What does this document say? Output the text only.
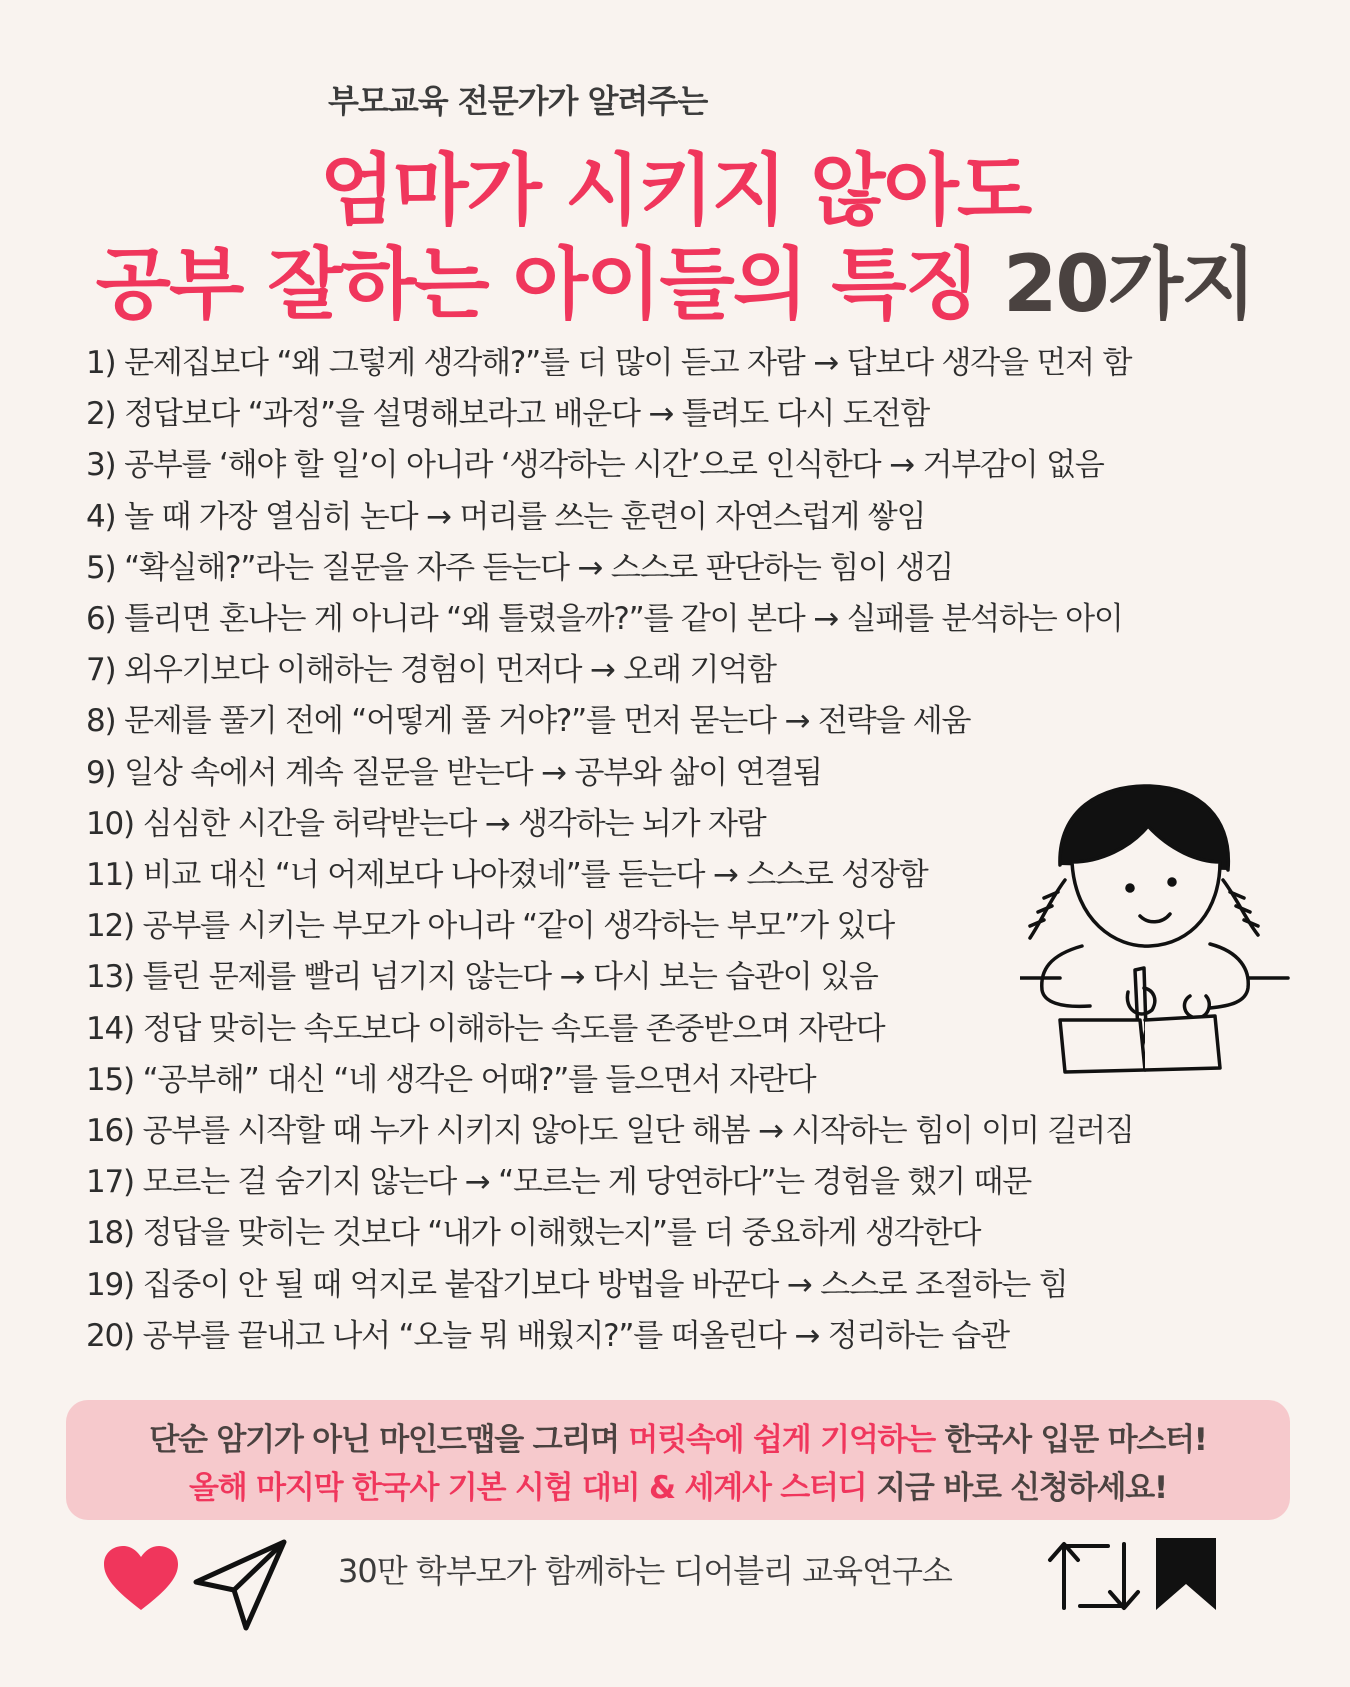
부모교육 전문가가 알려주는
엄마가 시키지 않아도
공부 잘하는 아이들의 특징 20가지
1) 문제집보다 “왜 그렇게 생각해?”를 더 많이 듣고 자람 → 답보다 생각을 먼저 함
2) 정답보다 “과정”을 설명해보라고 배운다 → 틀려도 다시 도전함
3) 공부를 ‘해야 할 일’이 아니라 ‘생각하는 시간’으로 인식한다 → 거부감이 없음
4) 놀 때 가장 열심히 논다 → 머리를 쓰는 훈련이 자연스럽게 쌓임
5) “확실해?”라는 질문을 자주 듣는다 → 스스로 판단하는 힘이 생김
6) 틀리면 혼나는 게 아니라 “왜 틀렸을까?”를 같이 본다 → 실패를 분석하는 아이
7) 외우기보다 이해하는 경험이 먼저다 → 오래 기억함
8) 문제를 풀기 전에 “어떻게 풀 거야?”를 먼저 묻는다 → 전략을 세움
9) 일상 속에서 계속 질문을 받는다 → 공부와 삶이 연결됨
10) 심심한 시간을 허락받는다 → 생각하는 뇌가 자람
11) 비교 대신 “너 어제보다 나아졌네”를 듣는다 → 스스로 성장함
12) 공부를 시키는 부모가 아니라 “같이 생각하는 부모”가 있다
13) 틀린 문제를 빨리 넘기지 않는다 → 다시 보는 습관이 있음
14) 정답 맞히는 속도보다 이해하는 속도를 존중받으며 자란다
15) “공부해” 대신 “네 생각은 어때?”를 들으면서 자란다
16) 공부를 시작할 때 누가 시키지 않아도 일단 해봄 → 시작하는 힘이 이미 길러짐
17) 모르는 걸 숨기지 않는다 → “모르는 게 당연하다”는 경험을 했기 때문
18) 정답을 맞히는 것보다 “내가 이해했는지”를 더 중요하게 생각한다
19) 집중이 안 될 때 억지로 붙잡기보다 방법을 바꾼다 → 스스로 조절하는 힘
20) 공부를 끝내고 나서 “오늘 뭐 배웠지?”를 떠올린다 → 정리하는 습관
단순 암기가 아닌 마인드맵을 그리며 머릿속에 쉽게 기억하는 한국사 입문 마스터!
올해 마지막 한국사 기본 시험 대비 & 세계사 스터디 지금 바로 신청하세요!
30만 학부모가 함께하는 디어블리 교육연구소
